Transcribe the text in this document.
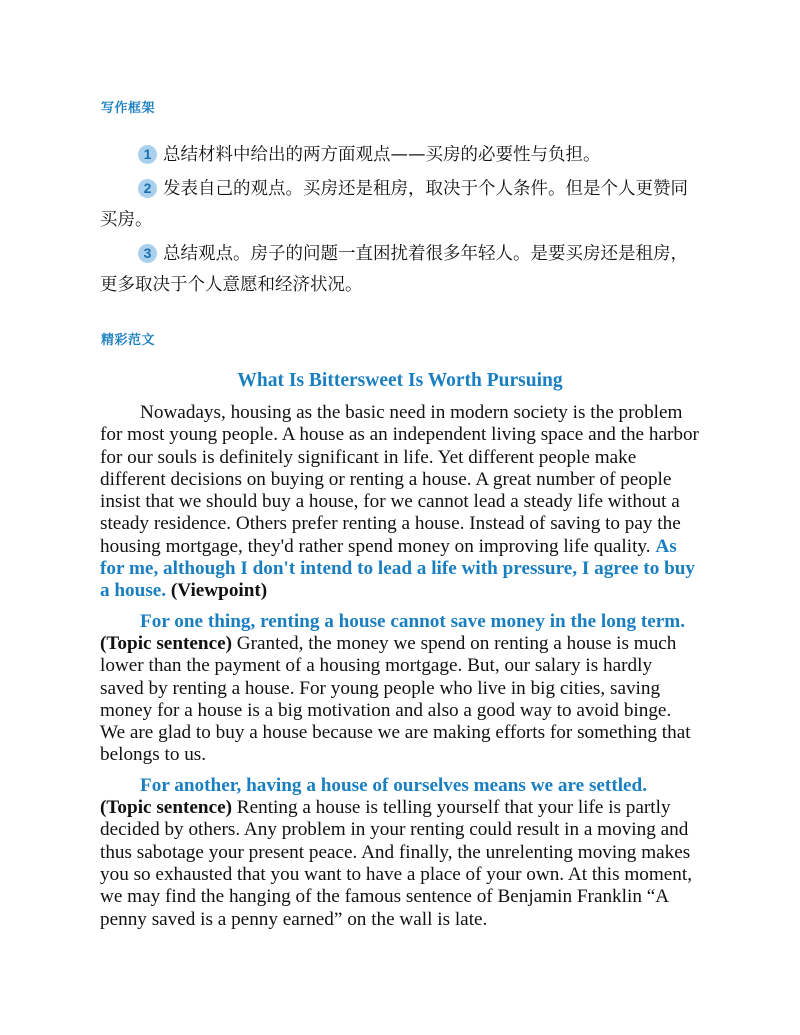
写作框架

1 总结材料中给出的两方面观点——买房的必要性与负担。

2 发表自己的观点。买房还是租房，取决于个人条件。但是个人更赞同买房。

3 总结观点。房子的问题一直困扰着很多年轻人。是要买房还是租房，更多取决于个人意愿和经济状况。

精彩范文
What Is Bittersweet Is Worth Pursuing

Nowadays, housing as the basic need in modern society is the problem for most young people. A house as an independent living space and the harbor for our souls is definitely significant in life. Yet different people make different decisions on buying or renting a house. A great number of people insist that we should buy a house, for we cannot lead a steady life without a steady residence. Others prefer renting a house. Instead of saving to pay the housing mortgage, they'd rather spend money on improving life quality. As for me, although I don't intend to lead a life with pressure, I agree to buy a house. (Viewpoint)

For one thing, renting a house cannot save money in the long term. (Topic sentence) Granted, the money we spend on renting a house is much lower than the payment of a housing mortgage. But, our salary is hardly saved by renting a house. For young people who live in big cities, saving money for a house is a big motivation and also a good way to avoid binge. We are glad to buy a house because we are making efforts for something that belongs to us.

For another, having a house of ourselves means we are settled. (Topic sentence) Renting a house is telling yourself that your life is partly decided by others. Any problem in your renting could result in a moving and thus sabotage your present peace. And finally, the unrelenting moving makes you so exhausted that you want to have a place of your own. At this moment, we may find the hanging of the famous sentence of Benjamin Franklin “A penny saved is a penny earned” on the wall is late.
